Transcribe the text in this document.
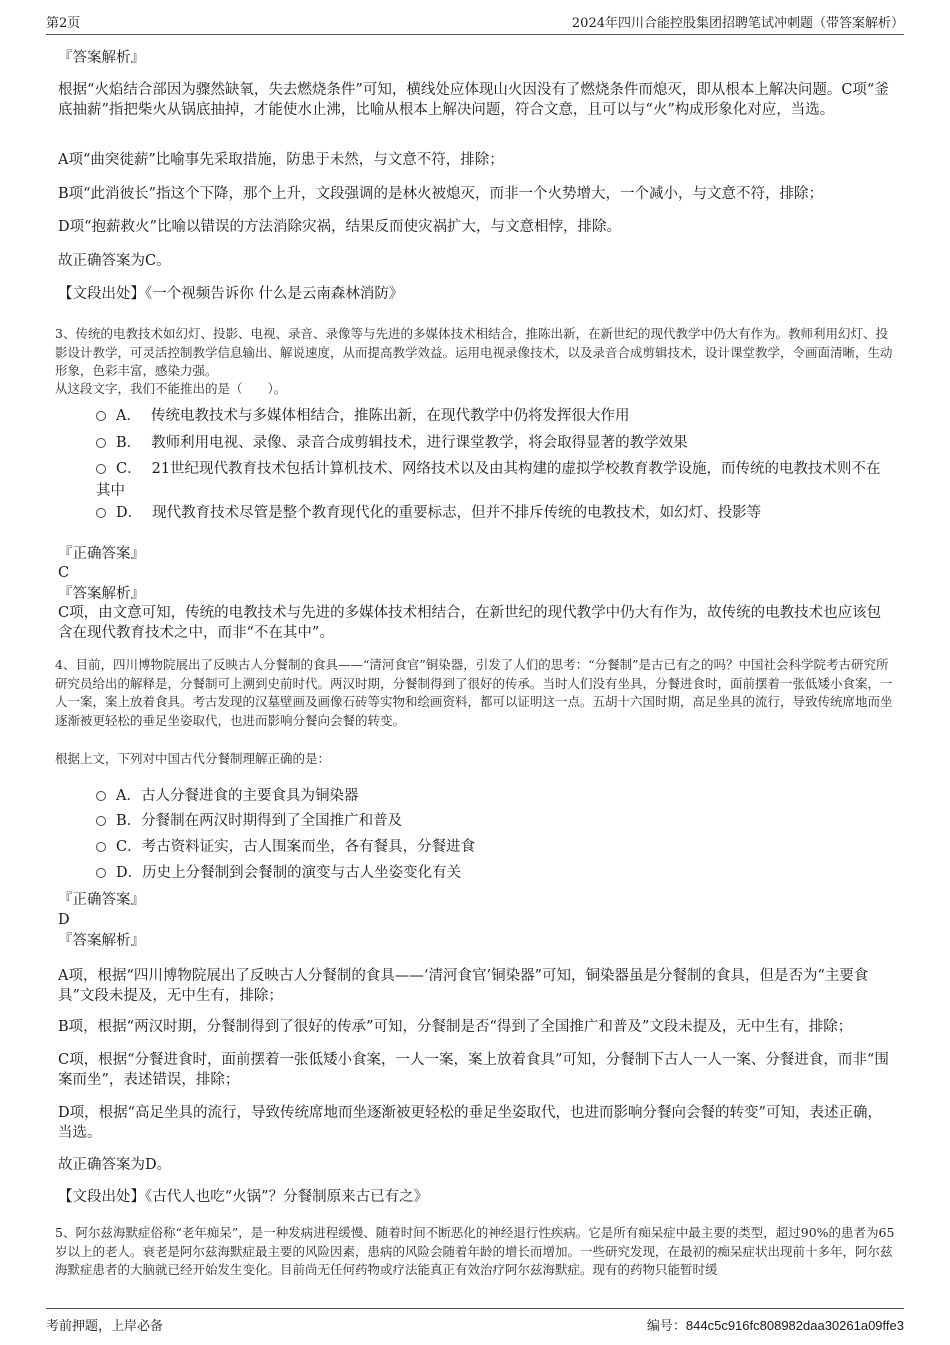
第2页	2024年四川合能控股集团招聘笔试冲刺题（带答案解析）
『答案解析』
根据“火焰结合部因为骤然缺氧，失去燃烧条件”可知，横线处应体现山火因没有了燃烧条件而熄灭，即从根本上解决问题。C项“釜底抽薪”指把柴火从锅底抽掉，才能使水止沸，比喻从根本上解决问题，符合文意，且可以与“火”构成形象化对应，当选。
A项“曲突徙薪”比喻事先采取措施，防患于未然，与文意不符，排除；
B项“此消彼长”指这个下降，那个上升，文段强调的是林火被熄灭，而非一个火势增大，一个减小，与文意不符，排除；
D项“抱薪救火”比喻以错误的方法消除灾祸，结果反而使灾祸扩大，与文意相悖，排除。
故正确答案为C。
【文段出处】《一个视频告诉你 什么是云南森林消防》
3、传统的电教技术如幻灯、投影、电视、录音、录像等与先进的多媒体技术相结合，推陈出新，在新世纪的现代教学中仍大有作为。教师利用幻灯、投影设计教学，可灵活控制教学信息输出、解说速度，从而提高教学效益。运用电视录像技术，以及录音合成剪辑技术，设计课堂教学，令画面清晰，生动形象，色彩丰富，感染力强。
从这段文字，我们不能推出的是（　　）。
A． 传统电教技术与多媒体相结合，推陈出新，在现代教学中仍将发挥很大作用
B． 教师利用电视、录像、录音合成剪辑技术，进行课堂教学，将会取得显著的教学效果
C． 21世纪现代教育技术包括计算机技术、网络技术以及由其构建的虚拟学校教育教学设施，而传统的电教技术则不在其中
D． 现代教育技术尽管是整个教育现代化的重要标志，但并不排斥传统的电教技术，如幻灯、投影等
『正确答案』
C
『答案解析』
C项，由文意可知，传统的电教技术与先进的多媒体技术相结合，在新世纪的现代教学中仍大有作为，故传统的电教技术也应该包含在现代教育技术之中，而非“不在其中”。
4、目前，四川博物院展出了反映古人分餐制的食具——“清河食官”铜染器，引发了人们的思考：“分餐制”是古已有之的吗？中国社会科学院考古研究所研究员给出的解释是，分餐制可上溯到史前时代。两汉时期，分餐制得到了很好的传承。当时人们没有坐具，分餐进食时，面前摆着一张低矮小食案，一人一案，案上放着食具。考古发现的汉墓壁画及画像石砖等实物和绘画资料，都可以证明这一点。五胡十六国时期，高足坐具的流行，导致传统席地而坐逐渐被更轻松的垂足坐姿取代，也进而影响分餐向会餐的转变。
根据上文，下列对中国古代分餐制理解正确的是：
A．古人分餐进食的主要食具为铜染器
B．分餐制在两汉时期得到了全国推广和普及
C．考古资料证实，古人围案而坐，各有餐具，分餐进食
D．历史上分餐制到会餐制的演变与古人坐姿变化有关
『正确答案』
D
『答案解析』
A项，根据“四川博物院展出了反映古人分餐制的食具——‘清河食官’铜染器”可知，铜染器虽是分餐制的食具，但是否为“主要食具”文段未提及，无中生有，排除；
B项，根据“两汉时期，分餐制得到了很好的传承”可知，分餐制是否“得到了全国推广和普及”文段未提及，无中生有，排除；
C项，根据“分餐进食时，面前摆着一张低矮小食案，一人一案，案上放着食具”可知，分餐制下古人一人一案、分餐进食，而非“围案而坐”，表述错误，排除；
D项，根据“高足坐具的流行，导致传统席地而坐逐渐被更轻松的垂足坐姿取代，也进而影响分餐向会餐的转变”可知，表述正确，当选。
故正确答案为D。
【文段出处】《古代人也吃“火锅”？分餐制原来古已有之》
5、阿尔兹海默症俗称“老年痴呆”，是一种发病进程缓慢、随着时间不断恶化的神经退行性疾病。它是所有痴呆症中最主要的类型，超过90%的患者为65岁以上的老人。衰老是阿尔兹海默症最主要的风险因素，患病的风险会随着年龄的增长而增加。一些研究发现，在最初的痴呆症状出现前十多年，阿尔兹海默症患者的大脑就已经开始发生变化。目前尚无任何药物或疗法能真正有效治疗阿尔兹海默症。现有的药物只能暂时缓
考前押题，上岸必备	编号：844c5c916fc808982daa30261a09ffe3
